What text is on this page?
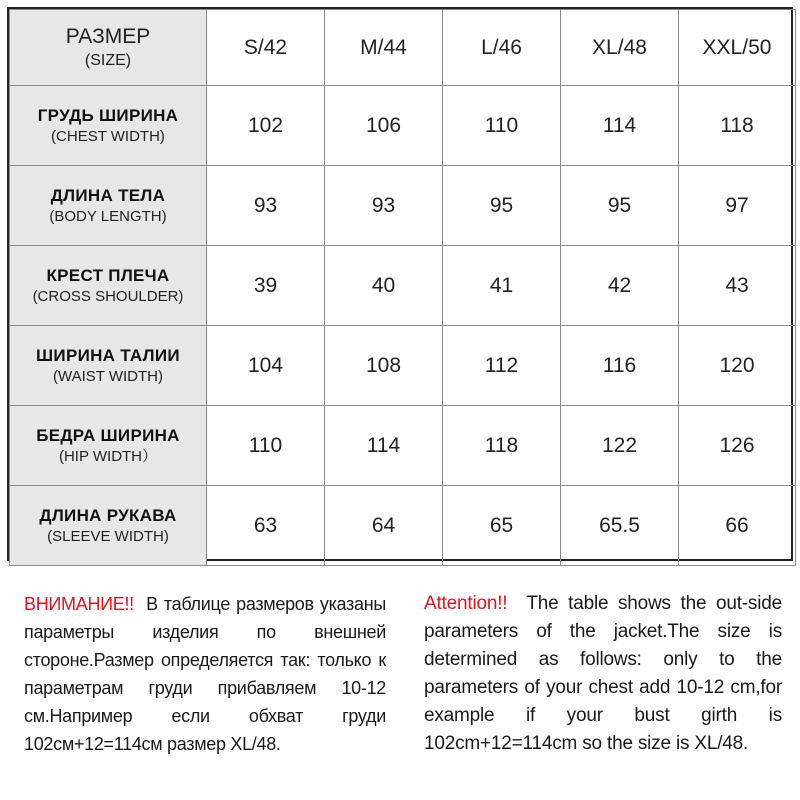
РАЗМЕР
(SIZE)	S/42	M/44	L/46	XL/48	XXL/50

ГРУДЬ ШИРИНА
(CHEST WIDTH)	102	106	110	114	118

ДЛИНА ТЕЛА
(BODY LENGTH)	93	93	95	95	97

КРЕСТ ПЛЕЧА
(CROSS SHOULDER)	39	40	41	42	43

ШИРИНА ТАЛИИ
(WAIST WIDTH)	104	108	112	116	120

БЕДРА ШИРИНА
(HIP WIDTH）	110	114	118	122	126

ДЛИНА РУКАВА
(SLEEVE WIDTH)	63	64	65	65.5	66
ВНИМАНИЕ!! В таблице размеров указаны параметры изделия по внешней стороне.Размер определяется так: только к параметрам груди прибавляем 10-12 см.Например если обхват груди 102см+12=114см размер XL/48.
Attention!! The table shows the out-side parameters of the jacket.The size is determined as follows: only to the parameters of your chest add 10-12 cm,for example if your bust girth is 102cm+12=114cm so the size is XL/48.
